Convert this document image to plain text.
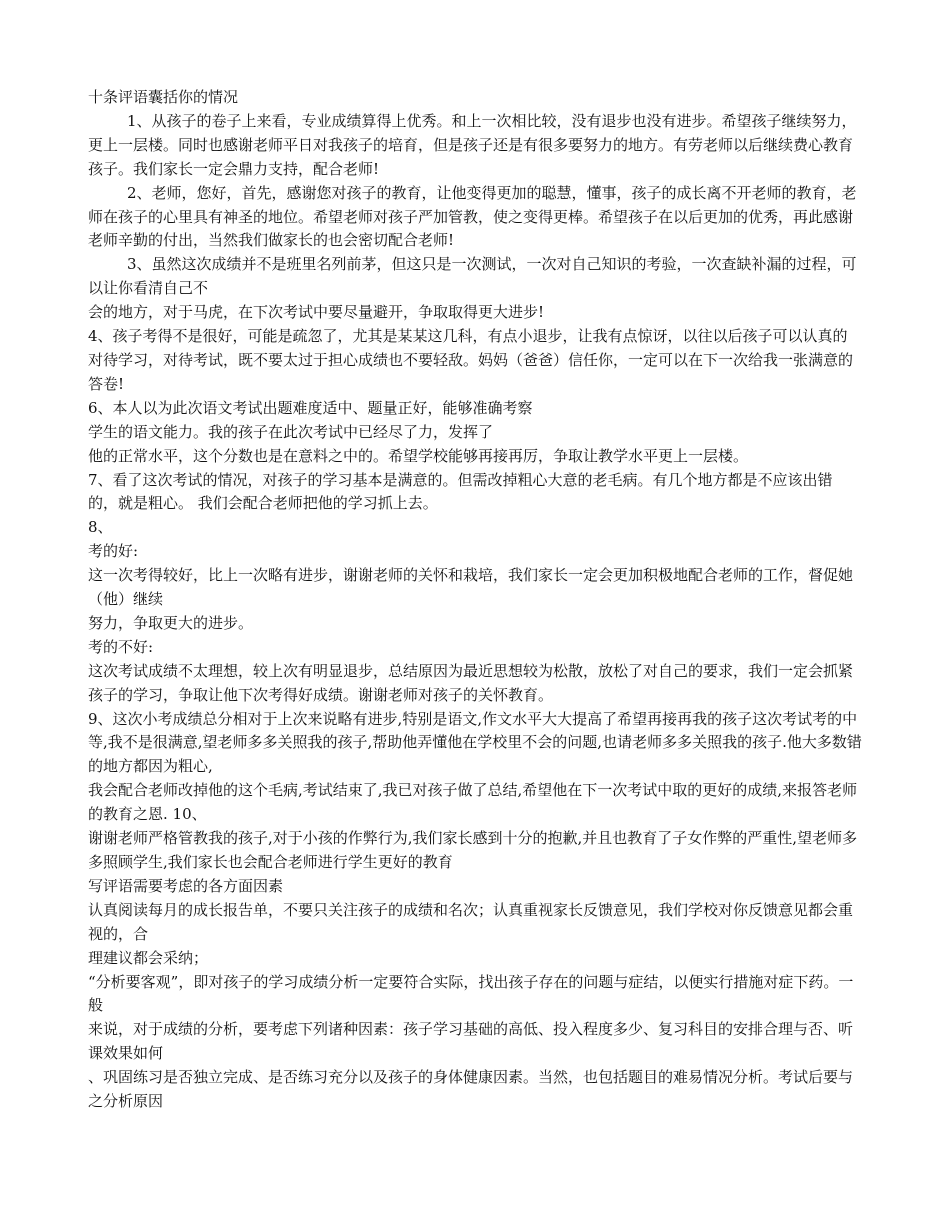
十条评语囊括你的情况
1、从孩子的卷子上来看，专业成绩算得上优秀。和上一次相比较，没有退步也没有进步。希望孩子继续努力，更上一层楼。同时也感谢老师平日对我孩子的培育，但是孩子还是有很多要努力的地方。有劳老师以后继续费心教育孩子。我们家长一定会鼎力支持，配合老师!
2、老师，您好，首先，感谢您对孩子的教育，让他变得更加的聪慧，懂事，孩子的成长离不开老师的教育，老师在孩子的心里具有神圣的地位。希望老师对孩子严加管教，使之变得更棒。希望孩子在以后更加的优秀，再此感谢老师辛勤的付出，当然我们做家长的也会密切配合老师!
3、虽然这次成绩并不是班里名列前茅，但这只是一次测试，一次对自己知识的考验，一次查缺补漏的过程，可以让你看清自己不
会的地方，对于马虎，在下次考试中要尽量避开，争取取得更大进步!
4、孩子考得不是很好，可能是疏忽了，尤其是某某这几科，有点小退步，让我有点惊讶，以往以后孩子可以认真的对待学习，对待考试，既不要太过于担心成绩也不要轻敌。妈妈（爸爸）信任你，一定可以在下一次给我一张满意的答卷!
6、本人以为此次语文考试出题难度适中、题量正好，能够准确考察
学生的语文能力。我的孩子在此次考试中已经尽了力，发挥了
他的正常水平，这个分数也是在意料之中的。希望学校能够再接再厉，争取让教学水平更上一层楼。
7、看了这次考试的情况，对孩子的学习基本是满意的。但需改掉粗心大意的老毛病。有几个地方都是不应该出错的，就是粗心。 我们会配合老师把他的学习抓上去。
8、
考的好:
这一次考得较好，比上一次略有进步，谢谢老师的关怀和栽培，我们家长一定会更加积极地配合老师的工作，督促她（他）继续
努力，争取更大的进步。
考的不好:
这次考试成绩不太理想，较上次有明显退步，总结原因为最近思想较为松散，放松了对自己的要求，我们一定会抓紧孩子的学习，争取让他下次考得好成绩。谢谢老师对孩子的关怀教育。
9、这次小考成绩总分相对于上次来说略有进步,特别是语文,作文水平大大提高了希望再接再我的孩子这次考试考的中等,我不是很满意,望老师多多关照我的孩子,帮助他弄懂他在学校里不会的问题,也请老师多多关照我的孩子.他大多数错的地方都因为粗心,
我会配合老师改掉他的这个毛病,考试结束了,我已对孩子做了总结,希望他在下一次考试中取的更好的成绩,来报答老师的教育之恩. 10、
谢谢老师严格管教我的孩子,对于小孩的作弊行为,我们家长感到十分的抱歉,并且也教育了子女作弊的严重性,望老师多多照顾学生,我们家长也会配合老师进行学生更好的教育
写评语需要考虑的各方面因素
认真阅读每月的成长报告单，不要只关注孩子的成绩和名次；认真重视家长反馈意见，我们学校对你反馈意见都会重视的，合
理建议都会采纳；
“分析要客观”，即对孩子的学习成绩分析一定要符合实际，找出孩子存在的问题与症结，以便实行措施对症下药。一般
来说，对于成绩的分析，要考虑下列诸种因素：孩子学习基础的高低、投入程度多少、复习科目的安排合理与否、听课效果如何
、巩固练习是否独立完成、是否练习充分以及孩子的身体健康因素。当然，也包括题目的难易情况分析。考试后要与之分析原因
